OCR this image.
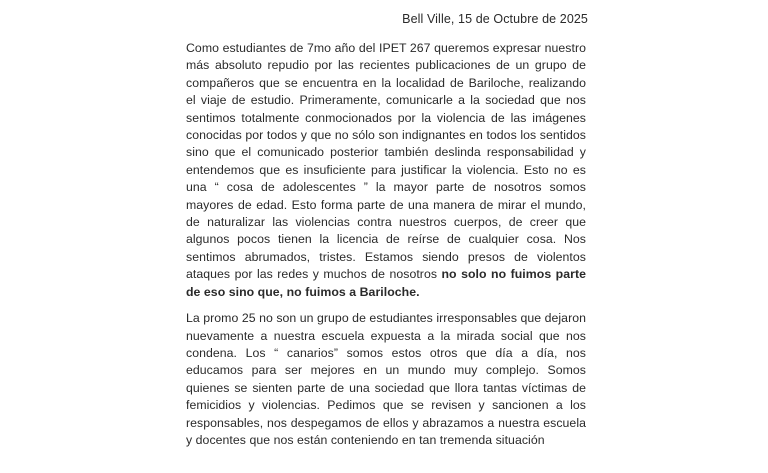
Bell Ville, 15 de Octubre de 2025

Como estudiantes de 7mo año del IPET 267 queremos expresar nuestro más absoluto repudio por las recientes publicaciones de un grupo de compañeros que se encuentra en la localidad de Bariloche, realizando el viaje de estudio. Primeramente, comunicarle a la sociedad que nos sentimos totalmente conmocionados por la violencia de las imágenes conocidas por todos y que no sólo son indignantes en todos los sentidos sino que el comunicado posterior también deslinda responsabilidad y entendemos que es insuficiente para justificar la violencia. Esto no es una “ cosa de adolescentes ” la mayor parte de nosotros somos mayores de edad. Esto forma parte de una manera de mirar el mundo, de naturalizar las violencias contra nuestros cuerpos, de creer que algunos pocos tienen la licencia de reírse de cualquier cosa. Nos sentimos abrumados, tristes. Estamos siendo presos de violentos ataques por las redes y muchos de nosotros no solo no fuimos parte de eso sino que, no fuimos a Bariloche.

La promo 25 no son un grupo de estudiantes irresponsables que dejaron nuevamente a nuestra escuela expuesta a la mirada social que nos condena. Los “ canarios” somos estos otros que día a día, nos educamos para ser mejores en un mundo muy complejo. Somos quienes se sienten parte de una sociedad que llora tantas víctimas de femicidios y violencias. Pedimos que se revisen y sancionen a los responsables, nos despegamos de ellos y abrazamos a nuestra escuela y docentes que nos están conteniendo en tan tremenda situación
